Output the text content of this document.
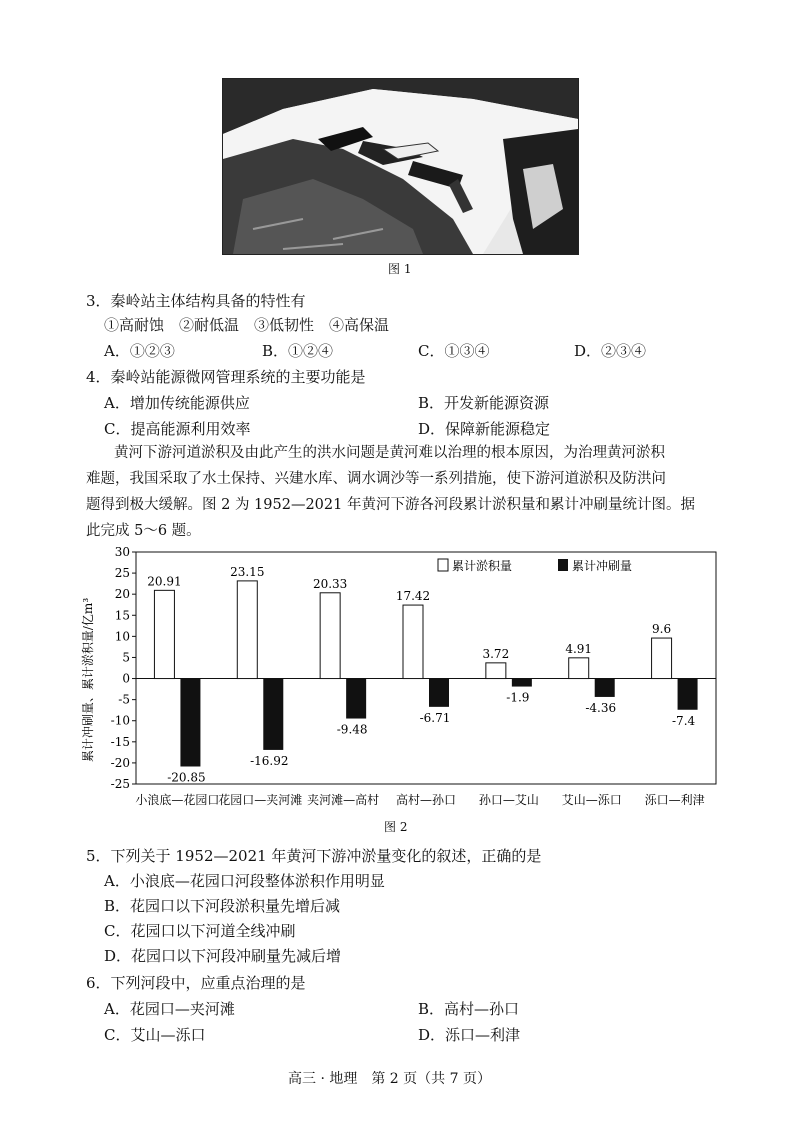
图 1
3．秦岭站主体结构具备的特性有
①高耐蚀　②耐低温　③低韧性　④高保温
A．①②③	B．①②④	C．①③④	D．②③④
4．秦岭站能源微网管理系统的主要功能是
A．增加传统能源供应	B．开发新能源资源
C．提高能源利用效率	D．保障新能源稳定
黄河下游河道淤积及由此产生的洪水问题是黄河难以治理的根本原因，为治理黄河淤积
难题，我国采取了水土保持、兴建水库、调水调沙等一系列措施，使下游河道淤积及防洪问
题得到极大缓解。图 2 为 1952—2021 年黄河下游各河段累计淤积量和累计冲刷量统计图。据
此完成 5～6 题。
累计冲刷量、累计淤积量/亿m³
30
25
20
15
10
5
0
-5
-10
-15
-20
-25
小浪底—花园口
花园口—夹河滩 夹河滩—高村 高村—孙口 孙口—艾山 艾山—泺口 泺口—利津
20.91
-20.85
23.15
-16.92
20.33
-9.48
17.42
-6.71
3.72
-1.9
4.91
-4.36
9.6
-7.4
累计淤积量	累计冲刷量
图 2
5．下列关于 1952—2021 年黄河下游冲淤量变化的叙述，正确的是
A．小浪底—花园口河段整体淤积作用明显
B．花园口以下河段淤积量先增后减
C．花园口以下河道全线冲刷
D．花园口以下河段冲刷量先减后增
6．下列河段中，应重点治理的是
A．花园口—夹河滩	B．高村—孙口
C．艾山—泺口	D．泺口—利津
高三 · 地理　第 2 页（共 7 页）
